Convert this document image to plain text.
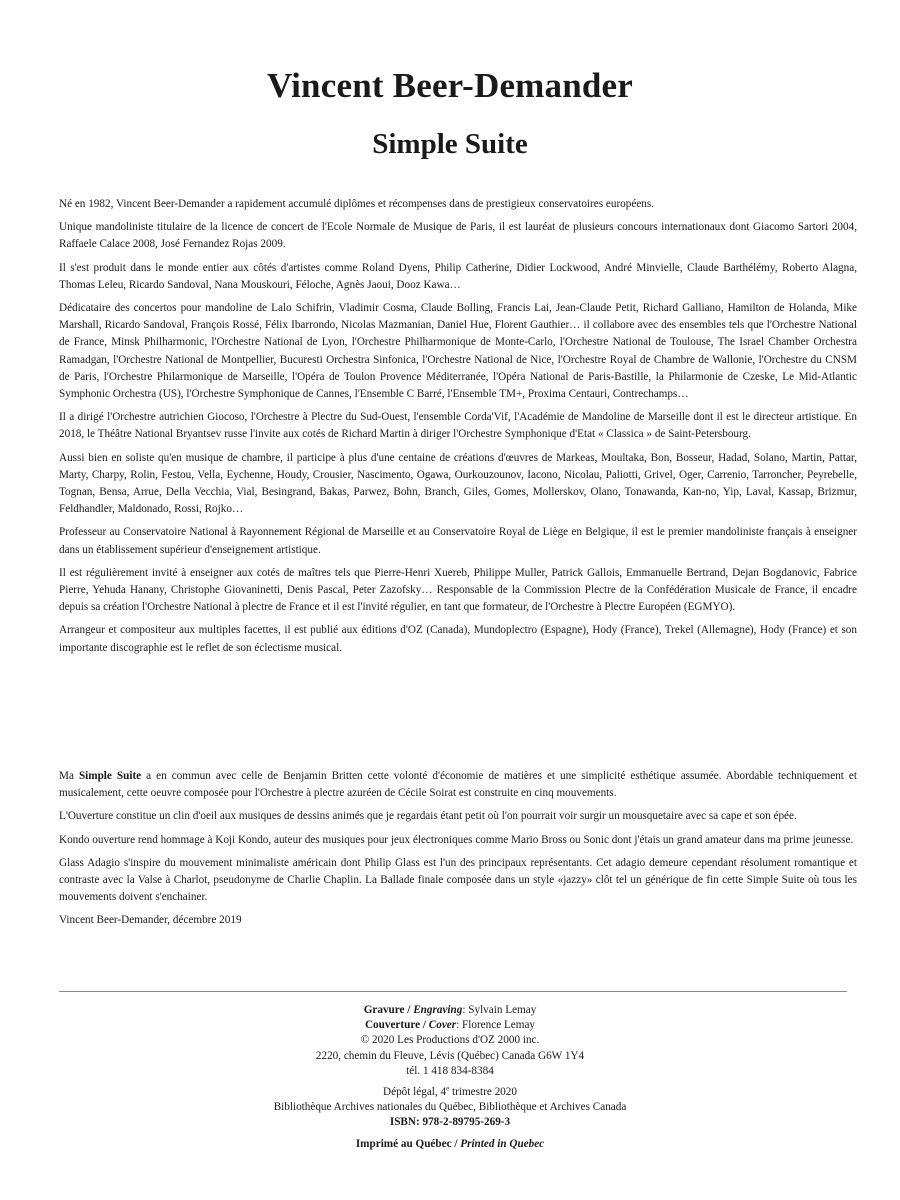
Vincent Beer-Demander
Simple Suite

Né en 1982, Vincent Beer-Demander a rapidement accumulé diplômes et récompenses dans de prestigieux conservatoires européens.

Unique mandoliniste titulaire de la licence de concert de l'Ecole Normale de Musique de Paris, il est lauréat de plusieurs concours internationaux dont Giacomo Sartori 2004, Raffaele Calace 2008, José Fernandez Rojas 2009.

Il s'est produit dans le monde entier aux côtés d'artistes comme Roland Dyens, Philip Catherine, Didier Lockwood, André Minvielle, Claude Barthélémy, Roberto Alagna, Thomas Leleu, Ricardo Sandoval, Nana Mouskouri, Féloche, Agnès Jaoui, Dooz Kawa…

Dédicataire des concertos pour mandoline de Lalo Schifrin, Vladimir Cosma, Claude Bolling, Francis Lai, Jean-Claude Petit, Richard Galliano, Hamilton de Holanda, Mike Marshall, Ricardo Sandoval, François Rossé, Félix Ibarrondo, Nicolas Mazmanian, Daniel Hue, Florent Gauthier… il collabore avec des ensembles tels que l'Orchestre National de France, Minsk Philharmonic, l'Orchestre National de Lyon, l'Orchestre Philharmonique de Monte-Carlo, l'Orchestre National de Toulouse, The Israel Chamber Orchestra Ramadgan, l'Orchestre National de Montpellier, Bucuresti Orchestra Sinfonica, l'Orchestre National de Nice, l'Orchestre Royal de Chambre de Wallonie, l'Orchestre du CNSM de Paris, l'Orchestre Philarmonique de Marseille, l'Opéra de Toulon Provence Méditerranée, l'Opéra National de Paris-Bastille, la Philarmonie de Czeske, Le Mid-Atlantic Symphonic Orchestra (US), l'Orchestre Symphonique de Cannes, l'Ensemble C Barré, l'Ensemble TM+, Proxima Centauri, Contrechamps…

Il a dirigé l'Orchestre autrichien Giocoso, l'Orchestre à Plectre du Sud-Ouest, l'ensemble Corda'Vif, l'Académie de Mandoline de Marseille dont il est le directeur artistique. En 2018, le Théâtre National Bryantsev russe l'invite aux cotés de Richard Martin à diriger l'Orchestre Symphonique d'Etat « Classica » de Saint-Petersbourg.

Aussi bien en soliste qu'en musique de chambre, il participe à plus d'une centaine de créations d'œuvres de Markeas, Moultaka, Bon, Bosseur, Hadad, Solano, Martin, Pattar, Marty, Charpy, Rolin, Festou, Vella, Eychenne, Houdy, Crousier, Nascimento, Ogawa, Ourkouzounov, Iacono, Nicolau, Paliotti, Grivel, Oger, Carrenio, Tarroncher, Peyrebelle, Tognan, Bensa, Arrue, Della Vecchia, Vial, Besingrand, Bakas, Parwez, Bohn, Branch, Giles, Gomes, Mollerskov, Olano, Tonawanda, Kan-no, Yip, Laval, Kassap, Brizmur, Feldhandler, Maldonado, Rossi, Rojko…

Professeur au Conservatoire National à Rayonnement Régional de Marseille et au Conservatoire Royal de Liège en Belgique, il est le premier mandoliniste français à enseigner dans un établissement supérieur d'enseignement artistique.

Il est régulièrement invité à enseigner aux cotés de maîtres tels que Pierre-Henri Xuereb, Philippe Muller, Patrick Gallois, Emmanuelle Bertrand, Dejan Bogdanovic, Fabrice Pierre, Yehuda Hanany, Christophe Giovaninetti, Denis Pascal, Peter Zazofsky… Responsable de la Commission Plectre de la Confédération Musicale de France, il encadre depuis sa création l'Orchestre National à plectre de France et il est l'invité régulier, en tant que formateur, de l'Orchestre à Plectre Européen (EGMYO).

Arrangeur et compositeur aux multiples facettes, il est publié aux éditions d'OZ (Canada), Mundoplectro (Espagne), Hody (France), Trekel (Allemagne), Hody (France) et son importante discographie est le reflet de son éclectisme musical.

Ma Simple Suite a en commun avec celle de Benjamin Britten cette volonté d'économie de matières et une simplicité esthétique assumée. Abordable techniquement et musicalement, cette oeuvre composée pour l'Orchestre à plectre azuréen de Cécile Soirat est construite en cinq mouvements.

L'Ouverture constitue un clin d'oeil aux musiques de dessins animés que je regardais étant petit où l'on pourrait voir surgir un mousquetaire avec sa cape et son épée.

Kondo ouverture rend hommage à Koji Kondo, auteur des musiques pour jeux électroniques comme Mario Bross ou Sonic dont j'étais un grand amateur dans ma prime jeunesse.

Glass Adagio s'inspire du mouvement minimaliste américain dont Philip Glass est l'un des principaux représentants. Cet adagio demeure cependant résolument romantique et contraste avec la Valse à Charlot, pseudonyme de Charlie Chaplin. La Ballade finale composée dans un style «jazzy» clôt tel un générique de fin cette Simple Suite où tous les mouvements doivent s'enchainer.

Vincent Beer-Demander, décembre 2019

Gravure / Engraving: Sylvain Lemay
Couverture / Cover: Florence Lemay
© 2020 Les Productions d'OZ 2000 inc.
2220, chemin du Fleuve, Lévis (Québec) Canada G6W 1Y4
tél. 1 418 834-8384
Dépôt légal, 4e trimestre 2020
Bibliothèque Archives nationales du Québec, Bibliothèque et Archives Canada
ISBN: 978-2-89795-269-3
Imprimé au Québec / Printed in Quebec
